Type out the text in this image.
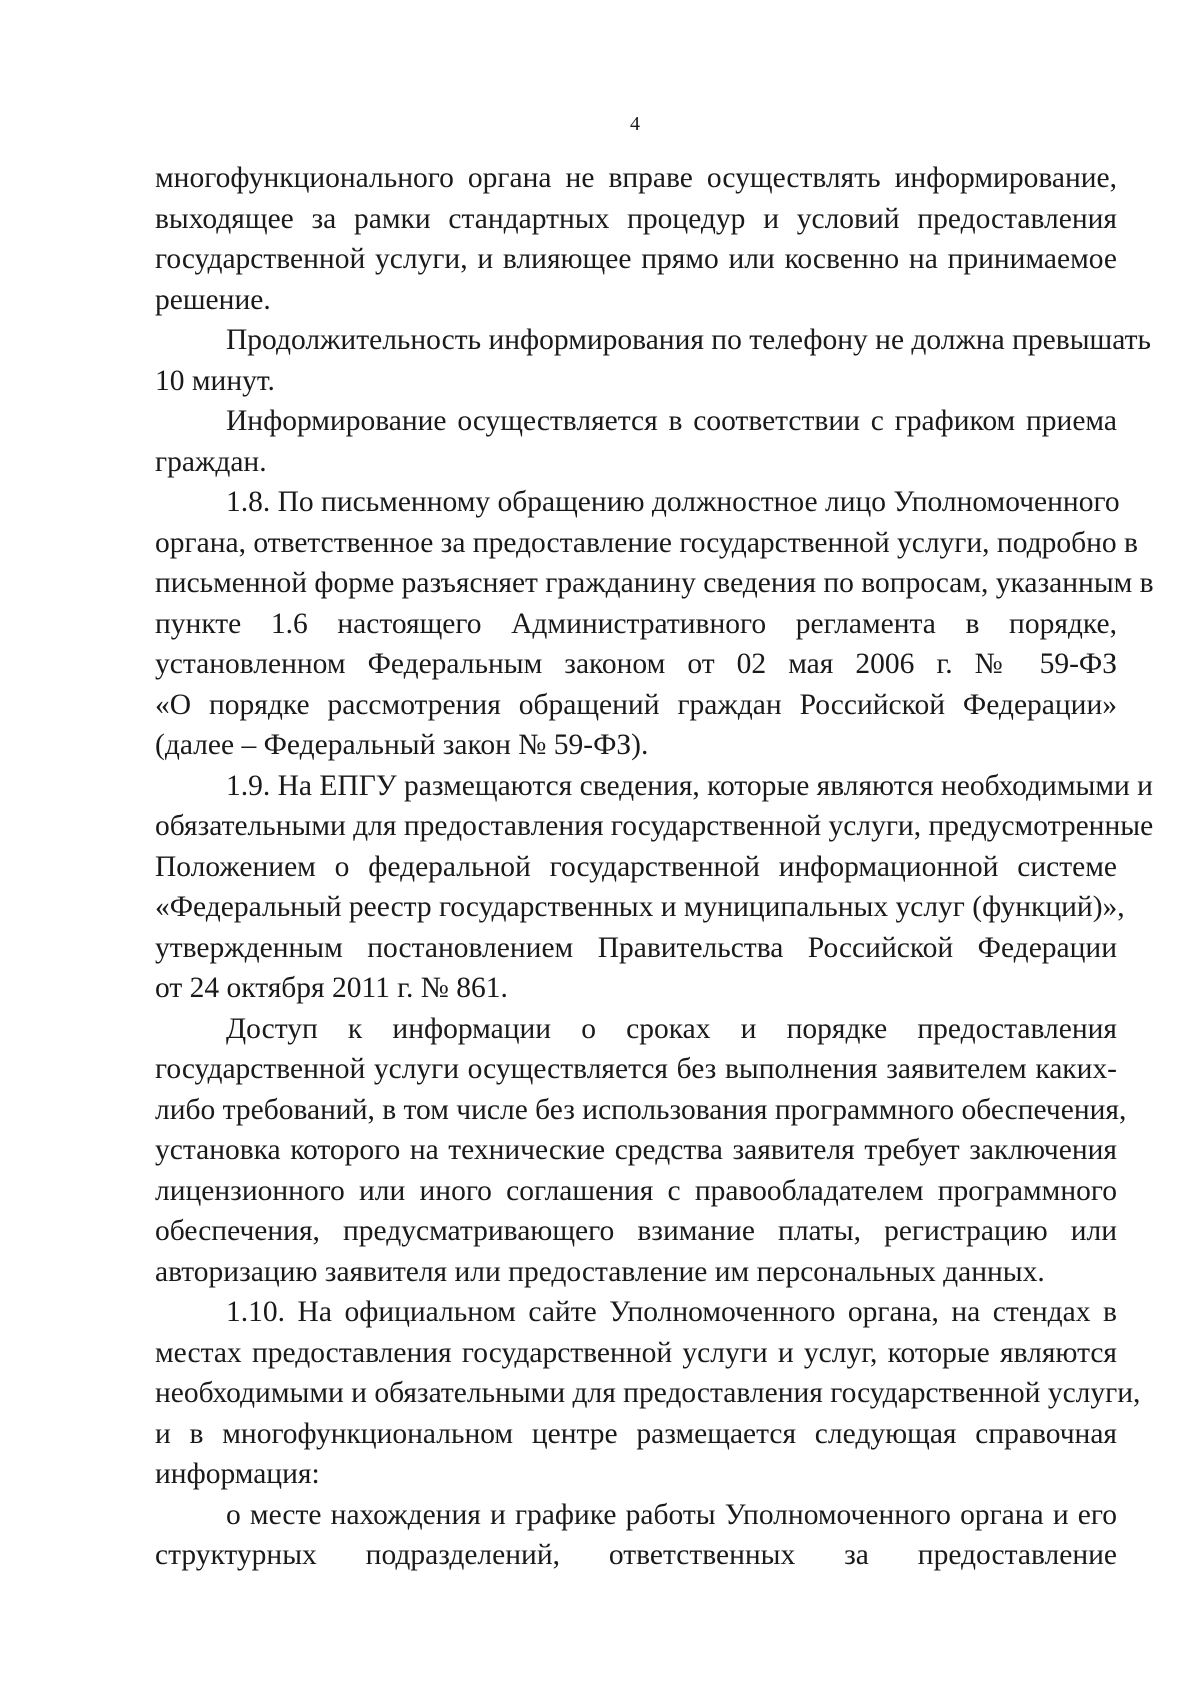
4

многофункционального органа не вправе осуществлять информирование,
выходящее за рамки стандартных процедур и условий предоставления
государственной услуги, и влияющее прямо или косвенно на принимаемое
решение.

Продолжительность информирования по телефону не должна превышать
10 минут.

Информирование осуществляется в соответствии с графиком приема
граждан.

1.8. По письменному обращению должностное лицо Уполномоченного
органа, ответственное за предоставление государственной услуги, подробно в
письменной форме разъясняет гражданину сведения по вопросам, указанным в
пункте 1.6 настоящего Административного регламента в порядке,
установленном Федеральным законом от 02 мая 2006 г. № 59-ФЗ
«О порядке рассмотрения обращений граждан Российской Федерации»
(далее – Федеральный закон № 59-ФЗ).

1.9. На ЕПГУ размещаются сведения, которые являются необходимыми и
обязательными для предоставления государственной услуги, предусмотренные
Положением о федеральной государственной информационной системе
«Федеральный реестр государственных и муниципальных услуг (функций)»,
утвержденным постановлением Правительства Российской Федерации
от 24 октября 2011 г. № 861.

Доступ к информации о сроках и порядке предоставления
государственной услуги осуществляется без выполнения заявителем каких-
либо требований, в том числе без использования программного обеспечения,
установка которого на технические средства заявителя требует заключения
лицензионного или иного соглашения с правообладателем программного
обеспечения, предусматривающего взимание платы, регистрацию или
авторизацию заявителя или предоставление им персональных данных.

1.10. На официальном сайте Уполномоченного органа, на стендах в
местах предоставления государственной услуги и услуг, которые являются
необходимыми и обязательными для предоставления государственной услуги,
и в многофункциональном центре размещается следующая справочная
информация:

о месте нахождения и графике работы Уполномоченного органа и его
структурных подразделений, ответственных за предоставление
